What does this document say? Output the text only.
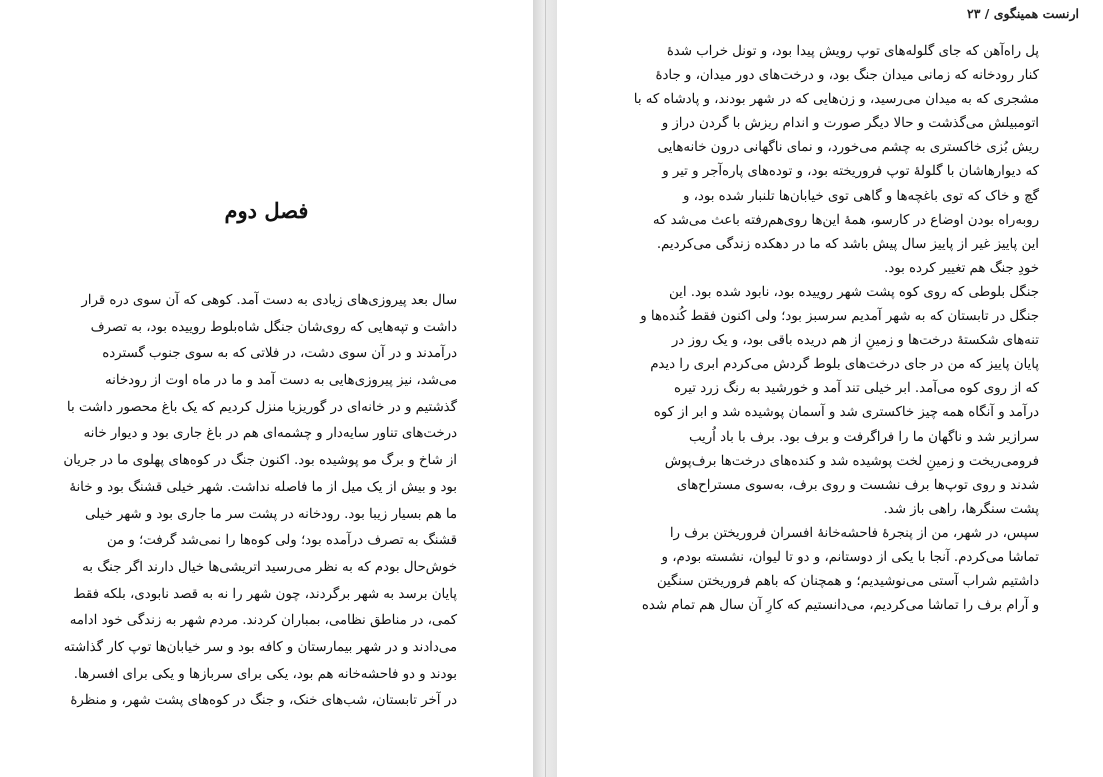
فصل دوم

سال بعد پیروزی‌های زیادی به دست آمد. کوهی که آن سوی دره قرار

داشت و تپه‌هایی که روی‌شان جنگل شاه‌بلوط روییده بود، به تصرف

درآمدند و در آن سوی دشت، در فلاتی که به سوی جنوب گسترده

می‌شد، نیز پیروزی‌هایی به دست آمد و ما در ماه اوت از رودخانه

گذشتیم و در خانه‌ای در گوریزیا منزل کردیم که یک باغ محصور داشت با

درخت‌های تناور سایه‌دار و چشمه‌ای هم در باغ جاری بود و دیوار خانه

از شاخ و برگ مو پوشیده بود. اکنون جنگ در کوه‌های پهلوی ما در جریان

بود و بیش از یک میل از ما فاصله نداشت. شهر خیلی قشنگ بود و خانهٔ

ما هم بسیار زیبا بود. رودخانه در پشت سر ما جاری بود و شهر خیلی

قشنگ به تصرف درآمده بود؛ ولی کوه‌ها را نمی‌شد گرفت؛ و من

خوش‌حال بودم که به نظر می‌رسید اتریشی‌ها خیال دارند اگر جنگ به

پایان برسد به شهر برگردند، چون شهر را نه به قصد نابودی، بلکه فقط

کمی، در مناطق نظامی، بمباران کردند. مردم شهر به زندگی خود ادامه

می‌دادند و در شهر بیمارستان و کافه بود و سر خیابان‌ها توپ کار گذاشته

بودند و دو فاحشه‌خانه هم بود، یکی برای سربازها و یکی برای افسرها.

در آخر تابستان، شب‌های خنک، و جنگ در کوه‌های پشت شهر، و منظرهٔ

ارنست همینگوی / ۲۳

پل راه‌آهن که جای گلوله‌های توپ رویش پیدا بود، و تونل خراب شدهٔ

کنار رودخانه که زمانی میدان جنگ بود، و درخت‌های دور میدان، و جادهٔ

مشجری که به میدان می‌رسید، و زن‌هایی که در شهر بودند، و پادشاه که با

اتومبیلش می‌گذشت و حالا دیگر صورت و اندام ریزش با گردن دراز و

ریش بُزی خاکستری به چشم می‌خورد، و نمای ناگهانی درون خانه‌هایی

که دیوارهاشان با گلولهٔ توپ فروریخته بود، و توده‌های پاره‌آجر و تیر و

گچ و خاک که توی باغچه‌ها و گاهی توی خیابان‌ها تلنبار شده بود، و

روبه‌راه بودن اوضاع در کارسو، همهٔ این‌ها روی‌هم‌رفته باعث می‌شد که

این پاییز غیر از پاییز سال پیش باشد که ما در دهکده زندگی می‌کردیم.

خودِ جنگ هم تغییر کرده بود.

جنگل بلوطی که روی کوه پشت شهر روییده بود، نابود شده بود. این

جنگل در تابستان که به شهر آمدیم سرسبز بود؛ ولی اکنون فقط کُنده‌ها و

تنه‌های شکستهٔ درخت‌ها و زمینِ از هم دریده باقی بود، و یک روز در

پایان پاییز که من در جای درخت‌های بلوط گردش می‌کردم ابری را دیدم

که از روی کوه می‌آمد. ابر خیلی تند آمد و خورشید به رنگ زرد تیره

درآمد و آنگاه همه چیز خاکستری شد و آسمان پوشیده شد و ابر از کوه

سرازیر شد و ناگهان ما را فراگرفت و برف بود. برف با باد اُریب

فرومی‌ریخت و زمینِ لخت پوشیده شد و کنده‌های درخت‌ها برف‌پوش

شدند و روی توپ‌ها برف نشست و روی برف، به‌سوی مستراح‌های

پشت سنگرها، راهی باز شد.

سپس، در شهر، من از پنجرهٔ فاحشه‌خانهٔ افسران فروریختن برف را

تماشا می‌کردم. آنجا با یکی از دوستانم، و دو تا لیوان، نشسته بودم، و

داشتیم شراب آستی می‌نوشیدیم؛ و همچنان که باهم فروریختن سنگین

و آرام برف را تماشا می‌کردیم، می‌دانستیم که کارِ آن سال هم تمام شده
